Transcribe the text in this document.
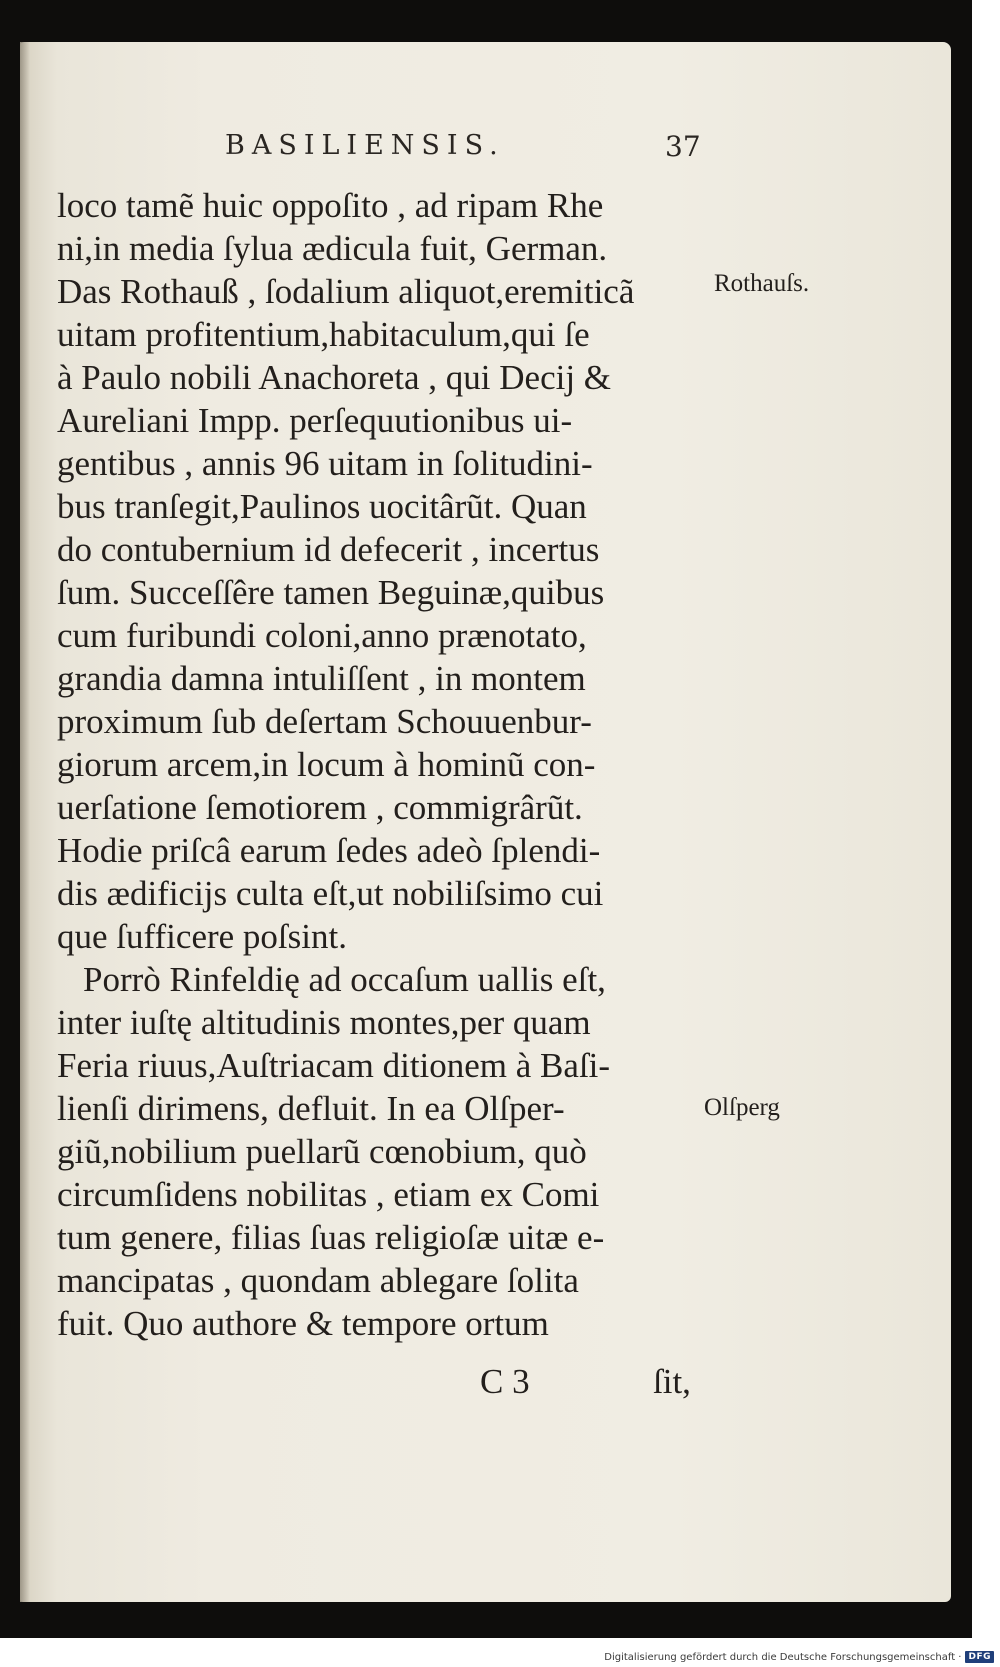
BASILIENSIS.	37
loco tamẽ huic oppoſito , ad ripam Rhe
ni,in media ſylua ædicula fuit, German.
Das Rothauß , ſodalium aliquot,eremiticã
uitam profitentium,habitaculum,qui ſe
à Paulo nobili Anachoreta , qui Decij &
Aureliani Impp. perſequutionibus ui-
gentibus , annis 96 uitam in ſolitudini-
bus tranſegit,Paulinos uocitârũt. Quan
do contubernium id defecerit , incertus
ſum. Succeſſêre tamen Beguinæ,quibus
cum furibundi coloni,anno prænotato,
grandia damna intuliſſent , in montem
proximum ſub deſertam Schouuenbur-
giorum arcem,in locum à hominũ con-
uerſatione ſemotiorem , commigrârũt.
Hodie priſcâ earum ſedes adeò ſplendi-
dis ædificijs culta eſt,ut nobiliſsimo cui
que ſufficere poſsint.
Porrò Rinfeldię ad occaſum uallis eſt,
inter iuſtę altitudinis montes,per quam
Feria riuus,Auſtriacam ditionem à Baſi-
lienſi dirimens, defluit. In ea Olſper-
giũ,nobilium puellarũ cœnobium, quò
circumſidens nobilitas , etiam ex Comi
tum genere, filias ſuas religioſæ uitæ e-
mancipatas , quondam ablegare ſolita
fuit. Quo authore & tempore ortum
Rothauſs.
Olſperg
C 3	ſit,
Digitalisierung gefördert durch die Deutsche Forschungsgemeinschaft · DFG
